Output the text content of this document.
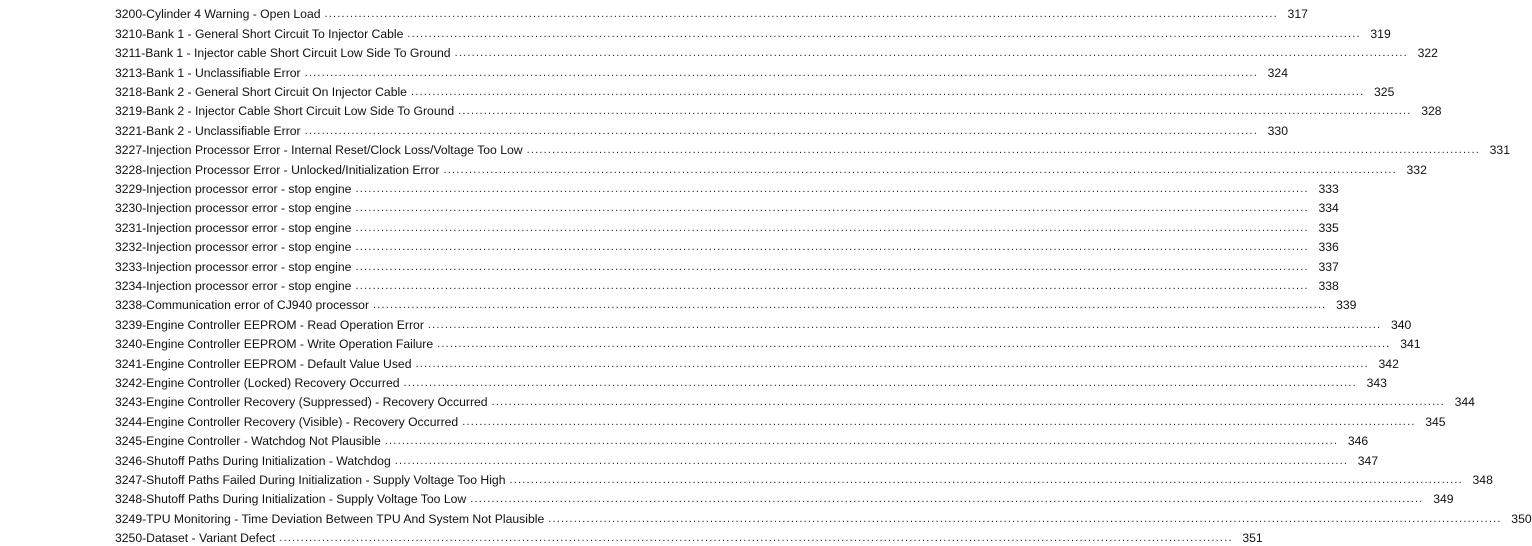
3200-Cylinder 4 Warning - Open Load ................................................................................................................................................................................................................................ 317
3210-Bank 1 - General Short Circuit To Injector Cable ................................................................................................................................................................................................................................ 319
3211-Bank 1 - Injector cable Short Circuit Low Side To Ground ................................................................................................................................................................................................................................ 322
3213-Bank 1 - Unclassifiable Error ................................................................................................................................................................................................................................ 324
3218-Bank 2 - General Short Circuit On Injector Cable ................................................................................................................................................................................................................................ 325
3219-Bank 2 - Injector Cable Short Circuit Low Side To Ground ................................................................................................................................................................................................................................ 328
3221-Bank 2 - Unclassifiable Error ................................................................................................................................................................................................................................ 330
3227-Injection Processor Error - Internal Reset/Clock Loss/Voltage Too Low ................................................................................................................................................................................................................................ 331
3228-Injection Processor Error - Unlocked/Initialization Error ................................................................................................................................................................................................................................ 332
3229-Injection processor error - stop engine ................................................................................................................................................................................................................................ 333
3230-Injection processor error - stop engine ................................................................................................................................................................................................................................ 334
3231-Injection processor error - stop engine ................................................................................................................................................................................................................................ 335
3232-Injection processor error - stop engine ................................................................................................................................................................................................................................ 336
3233-Injection processor error - stop engine ................................................................................................................................................................................................................................ 337
3234-Injection processor error - stop engine ................................................................................................................................................................................................................................ 338
3238-Communication error of CJ940 processor ................................................................................................................................................................................................................................ 339
3239-Engine Controller EEPROM - Read Operation Error ................................................................................................................................................................................................................................ 340
3240-Engine Controller EEPROM - Write Operation Failure ................................................................................................................................................................................................................................ 341
3241-Engine Controller EEPROM - Default Value Used ................................................................................................................................................................................................................................ 342
3242-Engine Controller (Locked) Recovery Occurred ................................................................................................................................................................................................................................ 343
3243-Engine Controller Recovery (Suppressed) - Recovery Occurred ................................................................................................................................................................................................................................ 344
3244-Engine Controller Recovery (Visible) - Recovery Occurred ................................................................................................................................................................................................................................ 345
3245-Engine Controller - Watchdog Not Plausible ................................................................................................................................................................................................................................ 346
3246-Shutoff Paths During Initialization - Watchdog ................................................................................................................................................................................................................................ 347
3247-Shutoff Paths Failed During Initialization - Supply Voltage Too High ................................................................................................................................................................................................................................ 348
3248-Shutoff Paths During Initialization - Supply Voltage Too Low ................................................................................................................................................................................................................................ 349
3249-TPU Monitoring - Time Deviation Between TPU And System Not Plausible ................................................................................................................................................................................................................................ 350
3250-Dataset - Variant Defect ................................................................................................................................................................................................................................ 351
